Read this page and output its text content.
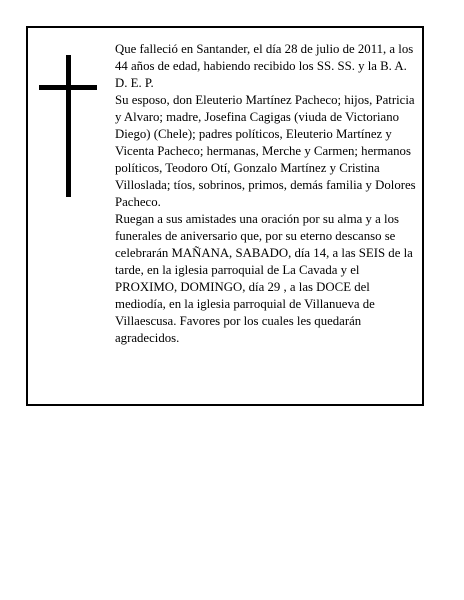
Que falleció en Santander, el día 28 de julio de 2011, a los 44 años de edad, habiendo recibido los SS. SS. y la B. A.

D. E. P.

Su esposo, don Eleuterio Martínez Pacheco; hijos, Patricia y Alvaro; madre, Josefina Cagigas (viuda de Victoriano Diego) (Chele); padres políticos, Eleuterio Martínez y Vicenta Pacheco; hermanas, Merche y Carmen; hermanos políticos, Teodoro Otí, Gonzalo Martínez y Cristina Villoslada; tíos, sobrinos, primos, demás familia y Dolores Pacheco.

Ruegan a sus amistades una oración por su alma y a los funerales de aniversario que, por su eterno descanso se celebrarán MAÑANA, SABADO, día 14, a las SEIS de la tarde, en la iglesia parroquial de La Cavada y el PROXIMO, DOMINGO, día 29 , a las DOCE del mediodía, en la iglesia parroquial de Villanueva de Villaescusa. Favores por los cuales les quedarán agradecidos.
